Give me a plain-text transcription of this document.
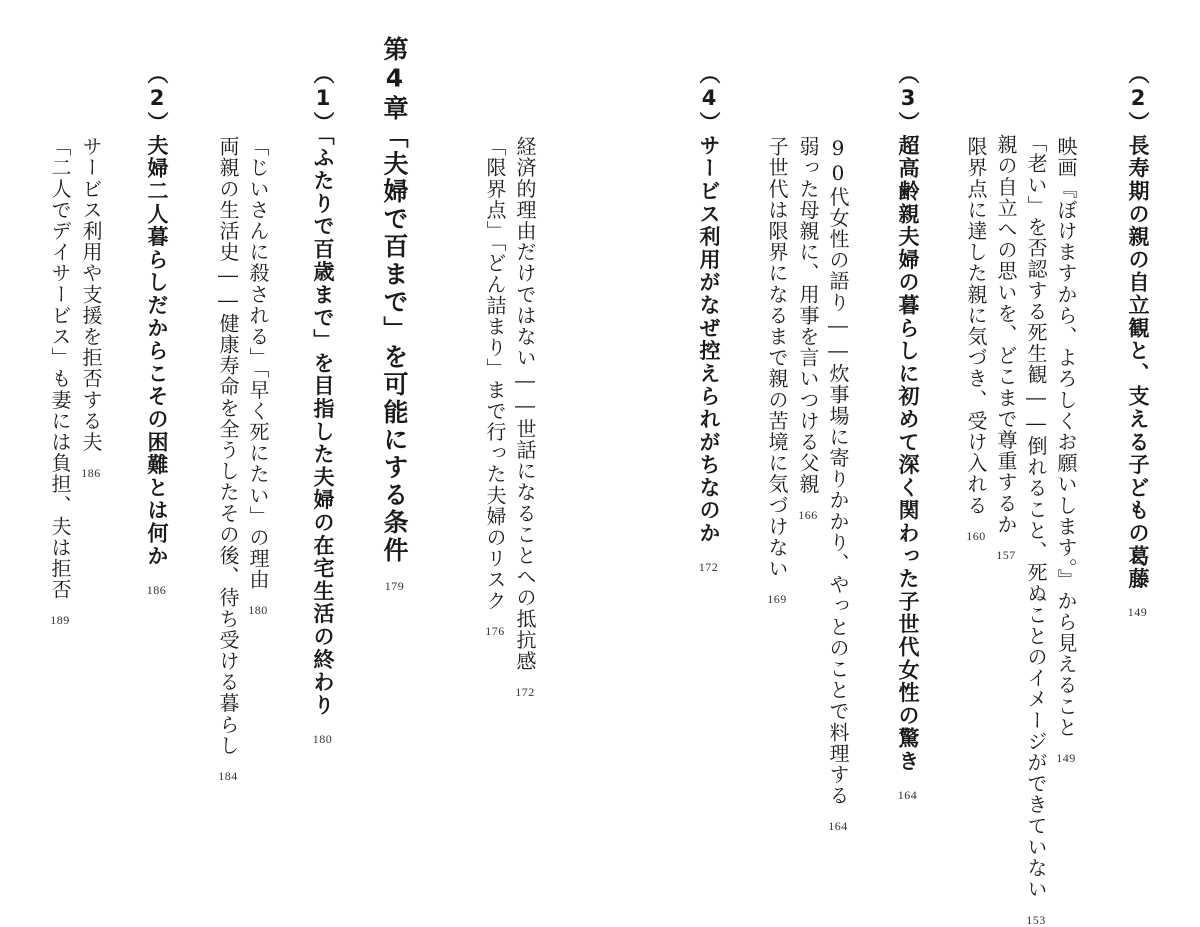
（2）長寿期の親の自立観と、支える子どもの葛藤
149
映画『ぼけますから、よろしくお願いします。』から見えること
149
「老い」を否認する死生観――倒れること、死ぬことのイメージができていない
153
親の自立への思いを、どこまで尊重するか
157
限界点に達した親に気づき、受け入れる
160
（3）超高齢親夫婦の暮らしに初めて深く関わった子世代女性の驚き
164
90代女性の語り――炊事場に寄りかかり、やっとのことで料理する
164
弱った母親に、用事を言いつける父親
166
子世代は限界になるまで親の苦境に気づけない
169
（4）サービス利用がなぜ控えられがちなのか
172
経済的理由だけではない――世話になることへの抵抗感
172
「限界点」「どん詰まり」まで行った夫婦のリスク
176
第4章「夫婦で百まで」を可能にする条件
179
（1）「ふたりで百歳まで」を目指した夫婦の在宅生活の終わり
180
「じいさんに殺される」「早く死にたい」の理由
180
両親の生活史――健康寿命を全うしたその後、待ち受ける暮らし
184
（2）夫婦二人暮らしだからこその困難とは何か
186
サービス利用や支援を拒否する夫
186
「二人でデイサービス」も妻には負担、夫は拒否
189
